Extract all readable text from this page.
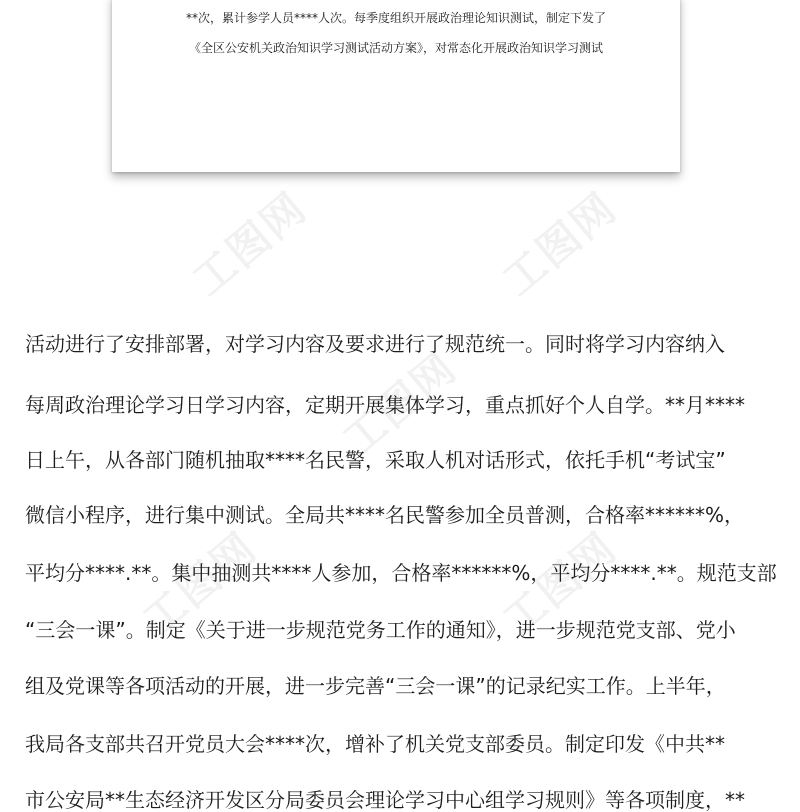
工图网	工图网
工图网
工图网	工图网
**次，累计参学人员****人次。每季度组织开展政治理论知识测试，制定下发了
《全区公安机关政治知识学习测试活动方案》，对常态化开展政治知识学习测试
活动进行了安排部署，对学习内容及要求进行了规范统一。同时将学习内容纳入
每周政治理论学习日学习内容，定期开展集体学习，重点抓好个人自学。**月****
日上午，从各部门随机抽取****名民警，采取人机对话形式，依托手机“考试宝”
微信小程序，进行集中测试。全局共****名民警参加全员普测，合格率******%，
平均分****.**。集中抽测共****人参加，合格率******%，平均分****.**。规范支部
“三会一课”。制定《关于进一步规范党务工作的通知》，进一步规范党支部、党小
组及党课等各项活动的开展，进一步完善“三会一课”的记录纪实工作。上半年，
我局各支部共召开党员大会****次，增补了机关党支部委员。制定印发《中共**
市公安局**生态经济开发区分局委员会理论学习中心组学习规则》等各项制度，**
